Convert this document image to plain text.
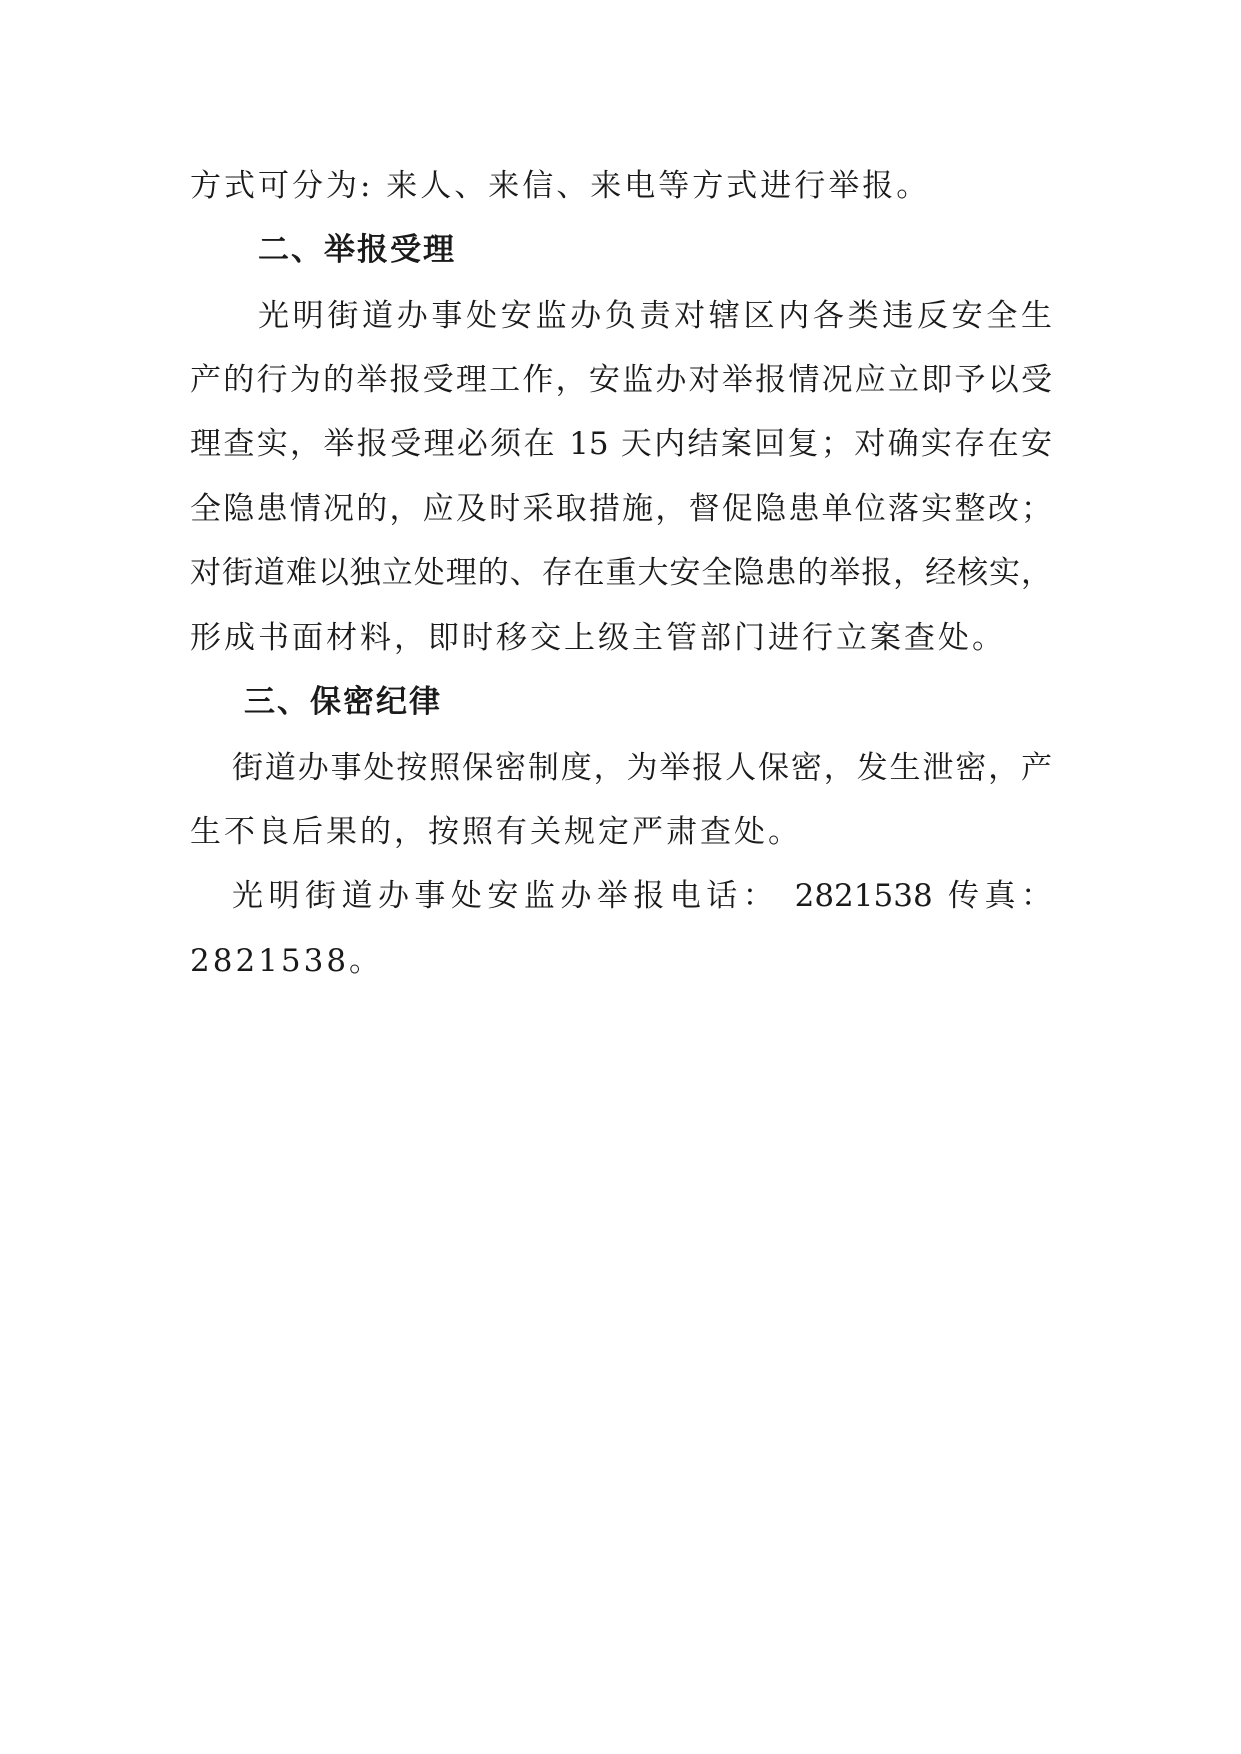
方式可分为: 来人、来信、来电等方式进行举报。
二、举报受理
光明街道办事处安监办负责对辖区内各类违反安全生
产的行为的举报受理工作，安监办对举报情况应立即予以受
理查实，举报受理必须在 15 天内结案回复；对确实存在安
全隐患情况的，应及时采取措施，督促隐患单位落实整改；
对街道难以独立处理的、存在重大安全隐患的举报，经核实，
形成书面材料，即时移交上级主管部门进行立案查处。
三、保密纪律
街道办事处按照保密制度，为举报人保密，发生泄密，产
生不良后果的，按照有关规定严肃查处。
光明街道办事处安监办举报电话： 2821538 传真：
2821538。
